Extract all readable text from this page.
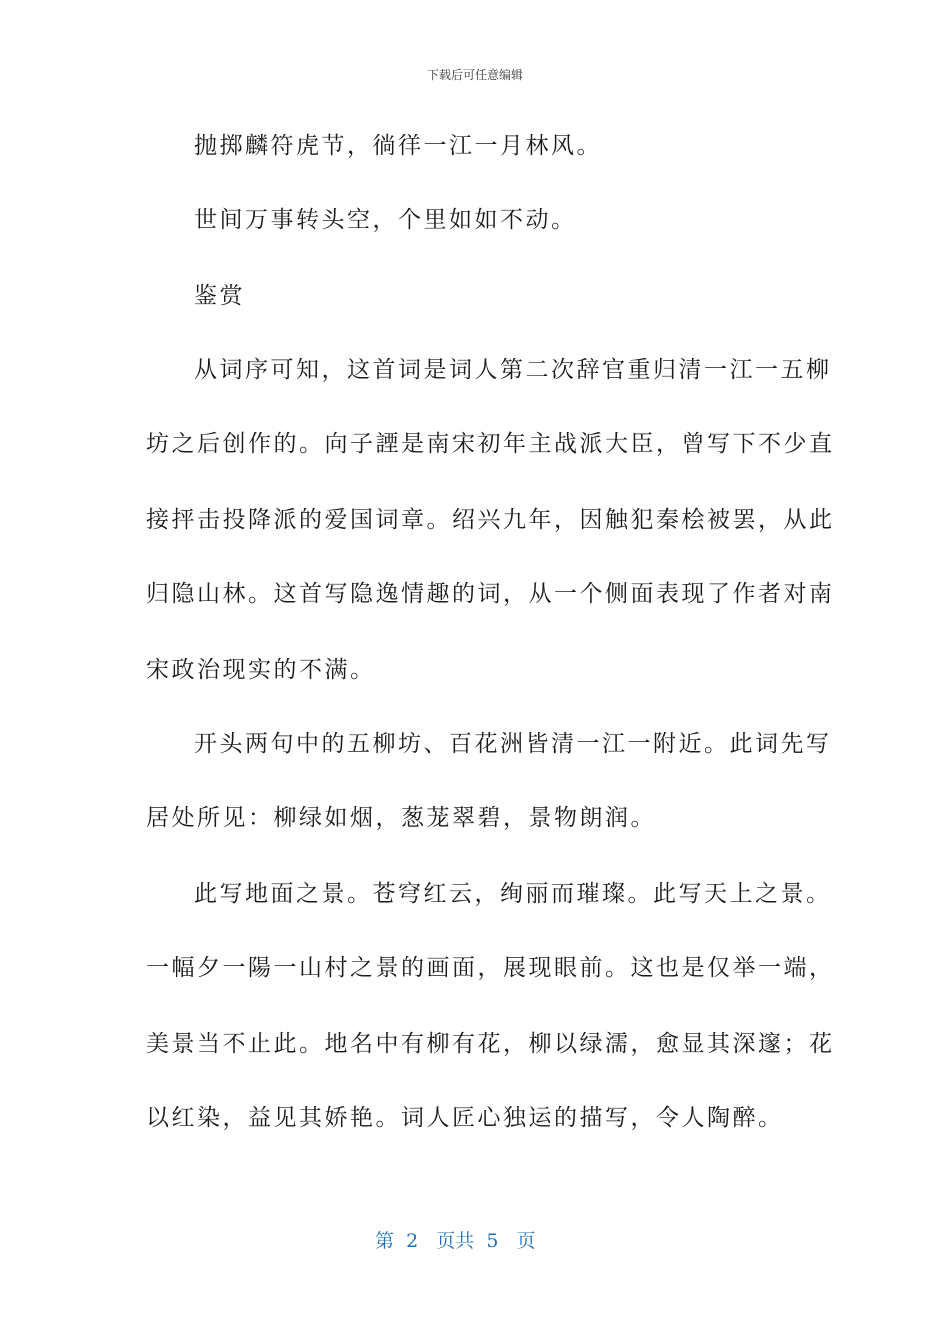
下载后可任意编辑
抛掷麟符虎节，徜徉一江一月林风。
世间万事转头空，个里如如不动。
鉴赏
从词序可知，这首词是词人第二次辞官重归清一江一五柳
坊之后创作的。向子諲是南宋初年主战派大臣，曾写下不少直
接抨击投降派的爱国词章。绍兴九年，因触犯秦桧被罢，从此
归隐山林。这首写隐逸情趣的词，从一个侧面表现了作者对南
宋政治现实的不满。
开头两句中的五柳坊、百花洲皆清一江一附近。此词先写
居处所见：柳绿如烟，葱茏翠碧，景物朗润。
此写地面之景。苍穹红云，绚丽而璀璨。此写天上之景。
一幅夕一陽一山村之景的画面，展现眼前。这也是仅举一端，
美景当不止此。地名中有柳有花，柳以绿濡，愈显其深邃；花
以红染，益见其娇艳。词人匠心独运的描写，令人陶醉。
第  2   页共  5   页
